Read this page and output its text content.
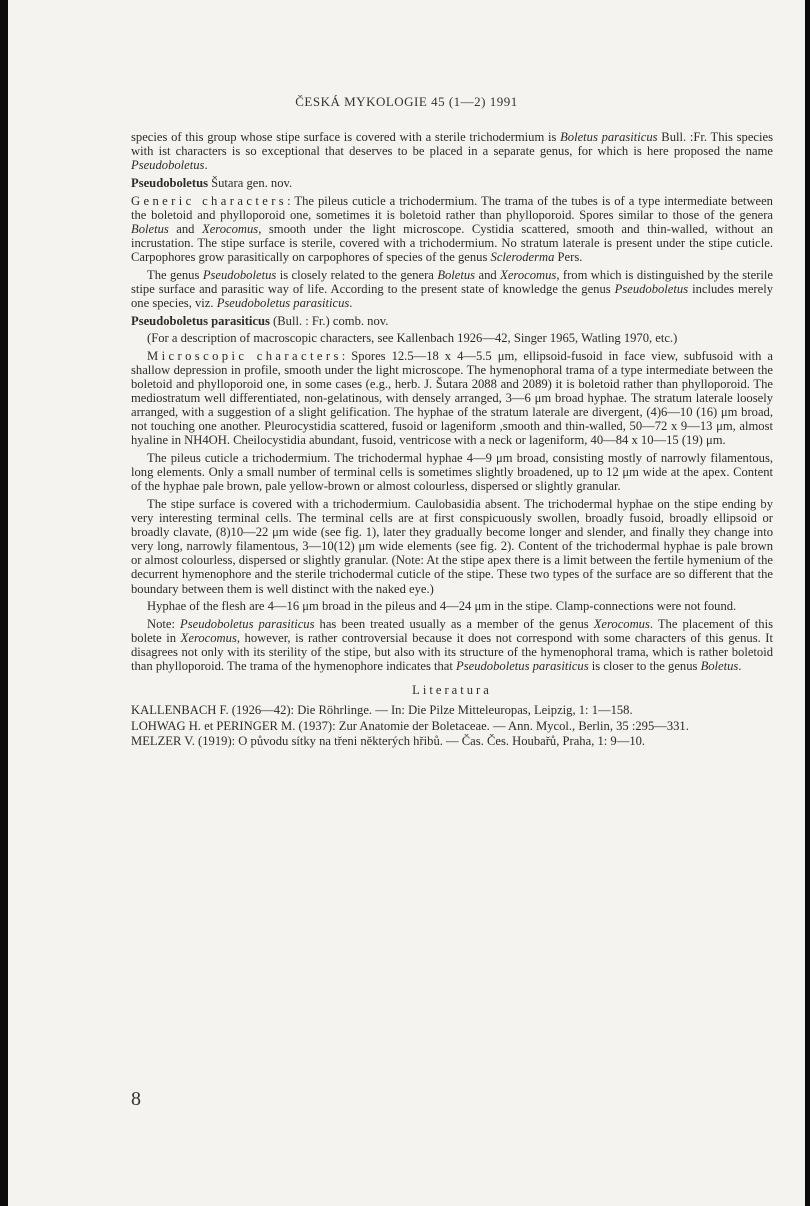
ČESKÁ MYKOLOGIE 45 (1—2) 1991

species of this group whose stipe surface is covered with a sterile trichodermium is Boletus parasiticus Bull. :Fr. This species with ist characters is so exceptional that deserves to be placed in a separate genus, for which is here proposed the name Pseudoboletus.

Pseudoboletus Šutara gen. nov.

Generic characters: The pileus cuticle a trichodermium. The trama of the tubes is of a type intermediate between the boletoid and phylloporoid one, sometimes it is boletoid rather than phylloporoid. Spores similar to those of the genera Boletus and Xerocomus, smooth under the light microscope. Cystidia scattered, smooth and thin-walled, without an incrustation. The stipe surface is sterile, covered with a trichodermium. No stratum laterale is present under the stipe cuticle. Carpophores grow parasitically on carpophores of species of the genus Scleroderma Pers.

The genus Pseudoboletus is closely related to the genera Boletus and Xerocomus, from which is distinguished by the sterile stipe surface and parasitic way of life. According to the present state of knowledge the genus Pseudoboletus includes merely one species, viz. Pseudoboletus parasiticus.

Pseudoboletus parasiticus (Bull. : Fr.) comb. nov.

(For a description of macroscopic characters, see Kallenbach 1926—42, Singer 1965, Watling 1970, etc.)

Microscopic characters: Spores 12.5—18 x 4—5.5 μm, ellipsoid-fusoid in face view, subfusoid with a shallow depression in profile, smooth under the light microscope. The hymenophoral trama of a type intermediate between the boletoid and phylloporoid one, in some cases (e.g., herb. J. Šutara 2088 and 2089) it is boletoid rather than phylloporoid. The mediostratum well differentiated, non-gelatinous, with densely arranged, 3—6 μm broad hyphae. The stratum laterale loosely arranged, with a suggestion of a slight gelification. The hyphae of the stratum laterale are divergent, (4)6—10 (16) μm broad, not touching one another. Pleurocystidia scattered, fusoid or lageniform ,smooth and thin-walled, 50—72 x 9—13 μm, almost hyaline in NH4OH. Cheilocystidia abundant, fusoid, ventricose with a neck or lageniform, 40—84 x 10—15 (19) μm.

The pileus cuticle a trichodermium. The trichodermal hyphae 4—9 μm broad, consisting mostly of narrowly filamentous, long elements. Only a small number of terminal cells is sometimes slightly broadened, up to 12 μm wide at the apex. Content of the hyphae pale brown, pale yellow-brown or almost colourless, dispersed or slightly granular.

The stipe surface is covered with a trichodermium. Caulobasidia absent. The trichodermal hyphae on the stipe ending by very interesting terminal cells. The terminal cells are at first conspicuously swollen, broadly fusoid, broadly ellipsoid or broadly clavate, (8)10—22 μm wide (see fig. 1), later they gradually become longer and slender, and finally they change into very long, narrowly filamentous, 3—10(12) μm wide elements (see fig. 2). Content of the trichodermal hyphae is pale brown or almost colourless, dispersed or slightly granular. (Note: At the stipe apex there is a limit between the fertile hymenium of the decurrent hymenophore and the sterile trichodermal cuticle of the stipe. These two types of the surface are so different that the boundary between them is well distinct with the naked eye.)

Hyphae of the flesh are 4—16 μm broad in the pileus and 4—24 μm in the stipe. Clamp-connections were not found.

Note: Pseudoboletus parasiticus has been treated usually as a member of the genus Xerocomus. The placement of this bolete in Xerocomus, however, is rather controversial because it does not correspond with some characters of this genus. It disagrees not only with its sterility of the stipe, but also with its structure of the hymenophoral trama, which is rather boletoid than phylloporoid. The trama of the hymenophore indicates that Pseudoboletus parasiticus is closer to the genus Boletus.

Literatura

KALLENBACH F. (1926—42): Die Röhrlinge. — In: Die Pilze Mitteleuropas, Leipzig, 1: 1—158.

LOHWAG H. et PERINGER M. (1937): Zur Anatomie der Boletaceae. — Ann. Mycol., Berlin, 35 :295—331.

MELZER V. (1919): O původu sítky na třeni některých hřibů. — Čas. Čes. Houbařů, Praha, 1: 9—10.

8
